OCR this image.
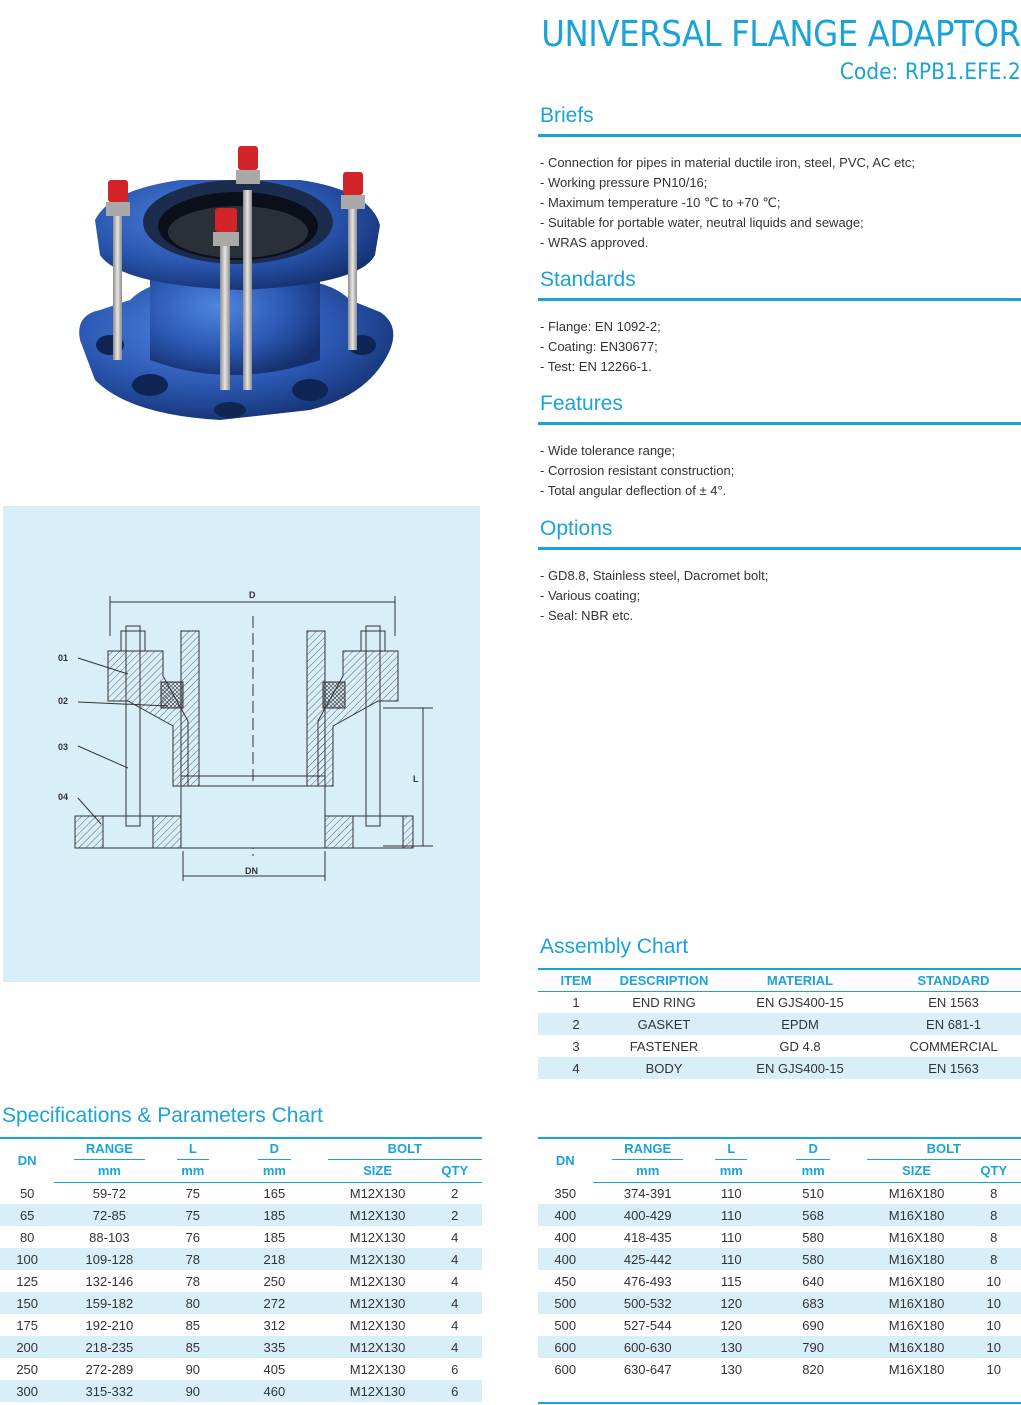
UNIVERSAL FLANGE ADAPTOR
Code: RPB1.EFE.2
D
DN
L
01
02
03
04
Briefs
- Connection for pipes in material ductile iron, steel, PVC, AC etc;
- Working pressure PN10/16;
- Maximum temperature -10 ℃ to +70 ℃;
- Suitable for portable water, neutral liquids and sewage;
- WRAS approved.
Standards
- Flange: EN 1092-2;
- Coating: EN30677;
- Test: EN 12266-1.
Features
- Wide tolerance range;
- Corrosion resistant construction;
- Total angular deflection of ± 4°.
Options
- GD8.8, Stainless steel, Dacromet bolt;
- Various coating;
- Seal: NBR etc.
Assembly Chart
ITEM	DESCRIPTION	MATERIAL	STANDARD
1	END RING	EN GJS400-15	EN 1563
2	GASKET	EPDM	EN 681-1
3	FASTENER	GD 4.8	COMMERCIAL
4	BODY	EN GJS400-15	EN 1563
Specifications & Parameters Chart
DN	RANGE	L	D	BOLT	
	mm	mm	mm	SIZE	QTY
50	59-72	75	165	M12X130	2
65	72-85	75	185	M12X130	2
80	88-103	76	185	M12X130	4
100	109-128	78	218	M12X130	4
125	132-146	78	250	M12X130	4
150	159-182	80	272	M12X130	4
175	192-210	85	312	M12X130	4
200	218-235	85	335	M12X130	4
250	272-289	90	405	M12X130	6
300	315-332	90	460	M12X130	6
DN	RANGE	L	D	BOLT	
	mm	mm	mm	SIZE	QTY
350	374-391	110	510	M16X180	8
400	400-429	110	568	M16X180	8
400	418-435	110	580	M16X180	8
400	425-442	110	580	M16X180	8
450	476-493	115	640	M16X180	10
500	500-532	120	683	M16X180	10
500	527-544	120	690	M16X180	10
600	600-630	130	790	M16X180	10
600	630-647	130	820	M16X180	10
